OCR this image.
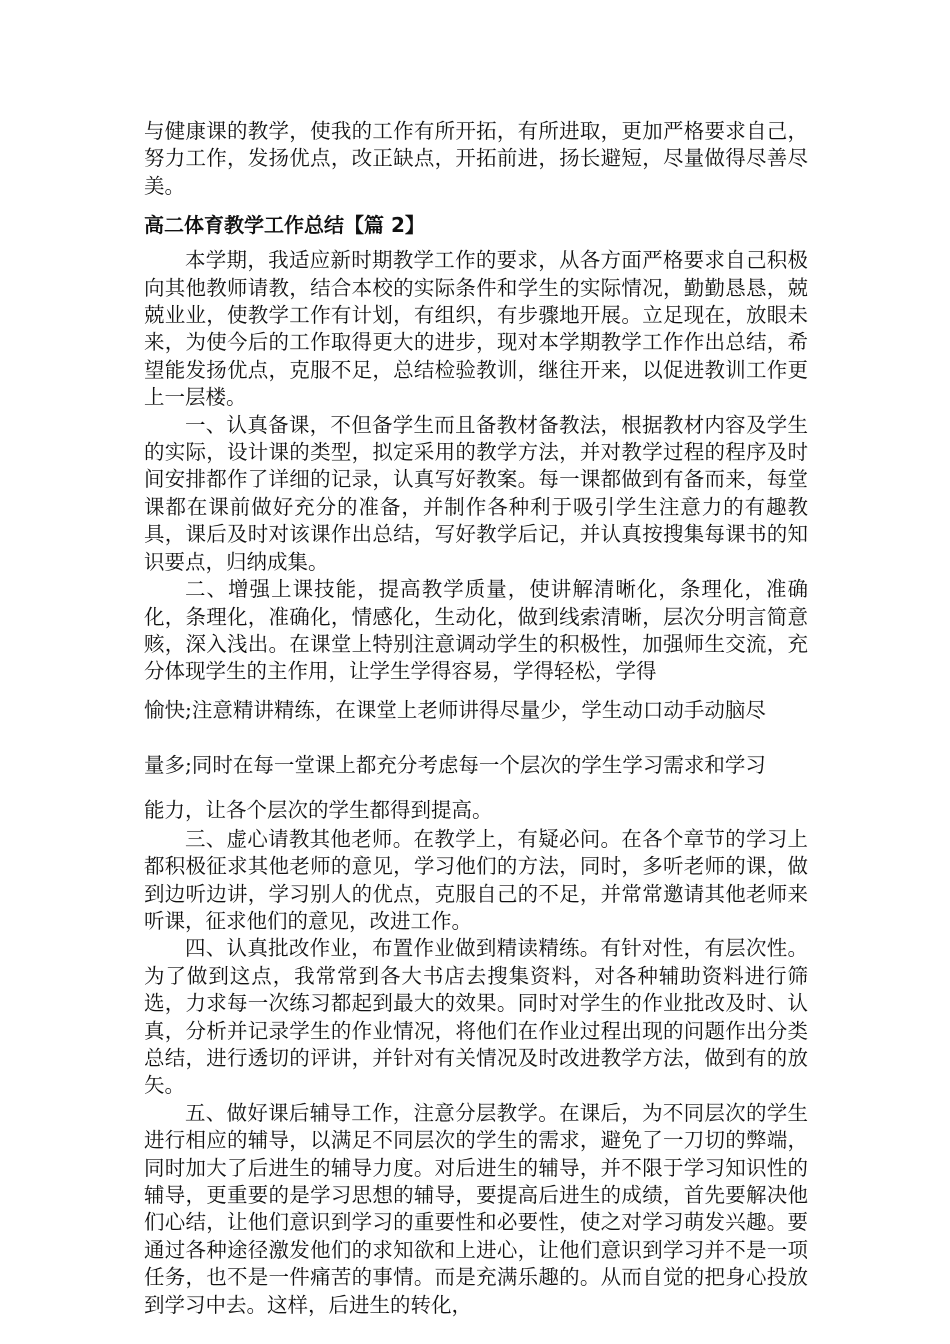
与健康课的教学，使我的工作有所开拓，有所进取，更加严格要求自己，努力工作，发扬优点，改正缺点，开拓前进，扬长避短，尽量做得尽善尽美。

高二体育教学工作总结【篇 2】

本学期，我适应新时期教学工作的要求，从各方面严格要求自己积极向其他教师请教，结合本校的实际条件和学生的实际情况，勤勤恳恳，兢兢业业，使教学工作有计划，有组织，有步骤地开展。立足现在，放眼未来，为使今后的工作取得更大的进步，现对本学期教学工作作出总结，希望能发扬优点，克服不足，总结检验教训，继往开来，以促进教训工作更上一层楼。

一、认真备课，不但备学生而且备教材备教法，根据教材内容及学生的实际，设计课的类型，拟定采用的教学方法，并对教学过程的程序及时间安排都作了详细的记录，认真写好教案。每一课都做到有备而来，每堂课都在课前做好充分的准备，并制作各种利于吸引学生注意力的有趣教具，课后及时对该课作出总结，写好教学后记，并认真按搜集每课书的知识要点，归纳成集。

二、增强上课技能，提高教学质量，使讲解清晰化，条理化，准确化，条理化，准确化，情感化，生动化，做到线索清晰，层次分明言简意赅，深入浅出。在课堂上特别注意调动学生的积极性，加强师生交流，充分体现学生的主作用，让学生学得容易，学得轻松，学得

愉快;注意精讲精练，在课堂上老师讲得尽量少，学生动口动手动脑尽

量多;同时在每一堂课上都充分考虑每一个层次的学生学习需求和学习

能力，让各个层次的学生都得到提高。

三、虚心请教其他老师。在教学上，有疑必问。在各个章节的学习上都积极征求其他老师的意见，学习他们的方法，同时，多听老师的课，做到边听边讲，学习别人的优点，克服自己的不足，并常常邀请其他老师来听课，征求他们的意见，改进工作。

四、认真批改作业，布置作业做到精读精练。有针对性，有层次性。为了做到这点，我常常到各大书店去搜集资料，对各种辅助资料进行筛选，力求每一次练习都起到最大的效果。同时对学生的作业批改及时、认真，分析并记录学生的作业情况，将他们在作业过程出现的问题作出分类总结，进行透切的评讲，并针对有关情况及时改进教学方法，做到有的放矢。

五、做好课后辅导工作，注意分层教学。在课后，为不同层次的学生进行相应的辅导，以满足不同层次的学生的需求，避免了一刀切的弊端，同时加大了后进生的辅导力度。对后进生的辅导，并不限于学习知识性的辅导，更重要的是学习思想的辅导，要提高后进生的成绩，首先要解决他们心结，让他们意识到学习的重要性和必要性，使之对学习萌发兴趣。要通过各种途径激发他们的求知欲和上进心，让他们意识到学习并不是一项任务，也不是一件痛苦的事情。而是充满乐趣的。从而自觉的把身心投放到学习中去。这样，后进生的转化，
